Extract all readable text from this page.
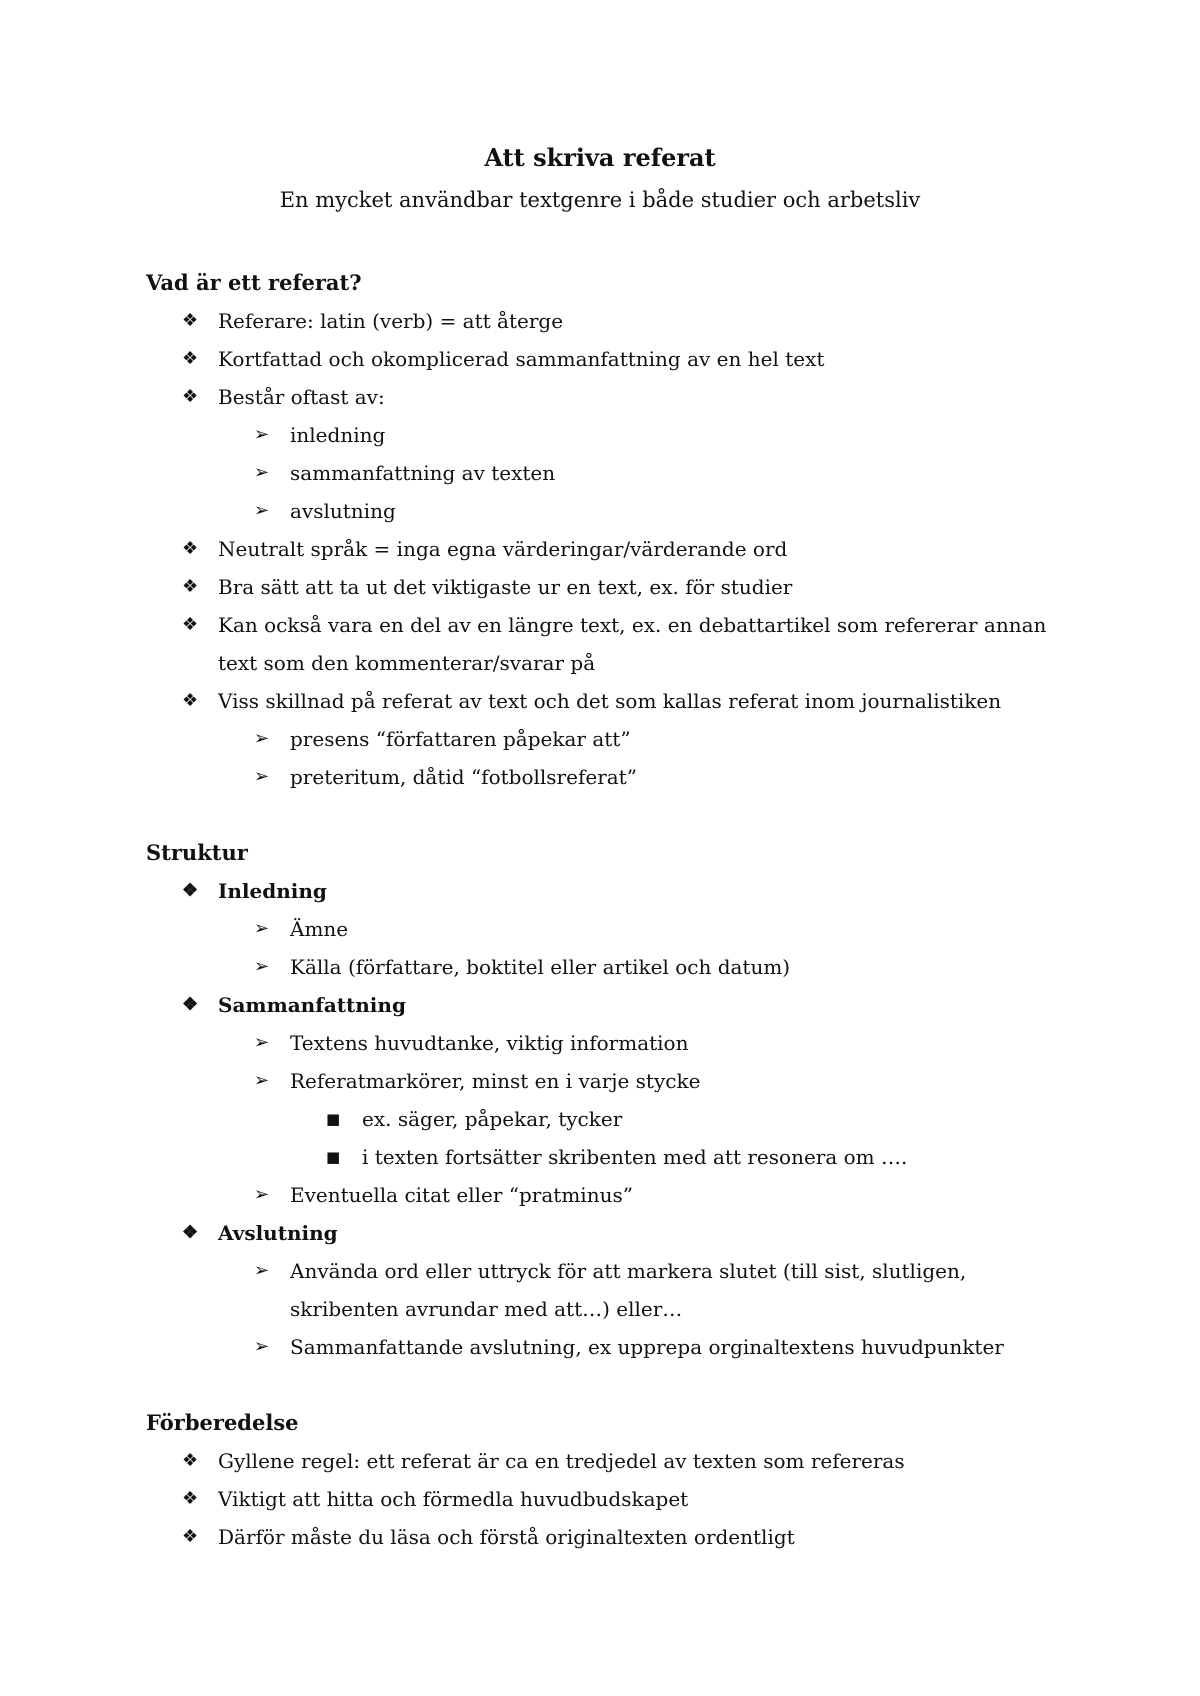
Att skriva referat
En mycket användbar textgenre i både studier och arbetsliv
Vad är ett referat?
❖ Referare: latin (verb) = att återge
❖ Kortfattad och okomplicerad sammanfattning av en hel text
❖ Består oftast av:
➢ inledning
➢ sammanfattning av texten
➢ avslutning
❖ Neutralt språk = inga egna värderingar/värderande ord
❖ Bra sätt att ta ut det viktigaste ur en text, ex. för studier
❖ Kan också vara en del av en längre text, ex. en debattartikel som refererar annan text som den kommenterar/svarar på
❖ Viss skillnad på referat av text och det som kallas referat inom journalistiken
➢ presens “författaren påpekar att”
➢ preteritum, dåtid “fotbollsreferat”
Struktur
❖ Inledning
➢ Ämne
➢ Källa (författare, boktitel eller artikel och datum)
❖ Sammanfattning
➢ Textens huvudtanke, viktig information
➢ Referatmarkörer, minst en i varje stycke
■ ex. säger, påpekar, tycker
■ i texten fortsätter skribenten med att resonera om ….
➢ Eventuella citat eller “pratminus”
❖ Avslutning
➢ Använda ord eller uttryck för att markera slutet (till sist, slutligen, skribenten avrundar med att…) eller…
➢ Sammanfattande avslutning, ex upprepa orginaltextens huvudpunkter
Förberedelse
❖ Gyllene regel: ett referat är ca en tredjedel av texten som refereras
❖ Viktigt att hitta och förmedla huvudbudskapet
❖ Därför måste du läsa och förstå originaltexten ordentligt
